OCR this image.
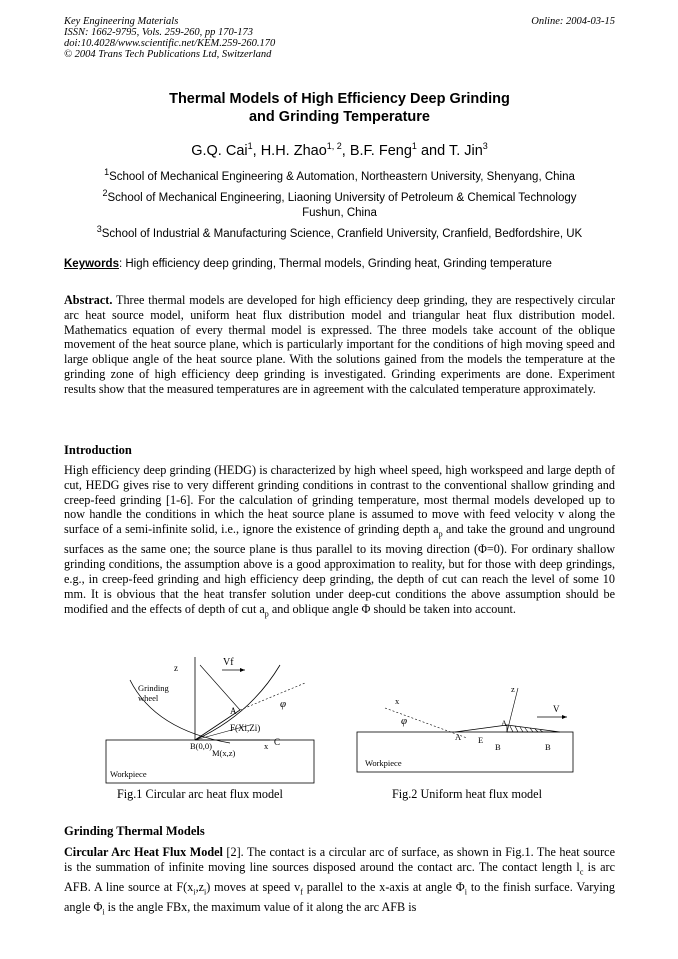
Key Engineering Materials
ISSN: 1662-9795, Vols. 259-260, pp 170-173
doi:10.4028/www.scientific.net/KEM.259-260.170
© 2004 Trans Tech Publications Ltd, Switzerland
Online: 2004-03-15
Thermal Models of High Efficiency Deep Grinding
and Grinding Temperature
G.Q. Cai$^1$, H.H. Zhao$^{1, 2}$, B.F. Feng$^1$ and T. Jin$^3$
$^1$School of Mechanical Engineering & Automation, Northeastern University, Shenyang, China
$^2$School of Mechanical Engineering, Liaoning University of Petroleum & Chemical Technology
Fushun, China
$^3$School of Industrial & Manufacturing Science, Cranfield University, Cranfield, Bedfordshire, UK
Keywords: High efficiency deep grinding, Thermal models, Grinding heat, Grinding temperature
Abstract. Three thermal models are developed for high efficiency deep grinding, they are respectively circular arc heat source model, uniform heat flux distribution model and triangular heat flux distribution model. Mathematics equation of every thermal model is expressed. The three models take account of the oblique movement of the heat source plane, which is particularly important for the conditions of high moving speed and large oblique angle of the heat source plane. With the solutions gained from the models the temperature at the grinding zone of high efficiency deep grinding is investigated. Grinding experiments are done. Experiment results show that the measured temperatures are in agreement with the calculated temperature approximately.
Introduction
High efficiency deep grinding (HEDG) is characterized by high wheel speed, high workspeed and large depth of cut, HEDG gives rise to very different grinding conditions in contrast to the conventional shallow grinding and creep-feed grinding [1-6]. For the calculation of grinding temperature, most thermal models developed up to now handle the conditions in which the heat source plane is assumed to move with feed velocity v along the surface of a semi-infinite solid, i.e., ignore the existence of grinding depth $a_p$ and take the ground and unground surfaces as the same one; the source plane is thus parallel to its moving direction (Φ=0). For ordinary shallow grinding conditions, the assumption above is a good approximation to reality, but for those with deep grindings, e.g., in creep-feed grinding and high efficiency deep grinding, the depth of cut can reach the level of some 10 mm. It is obvious that the heat transfer solution under deep-cut conditions the above assumption should be modified and the effects of depth of cut $a_p$ and oblique angle Φ should be taken into account.
z	Vf
Grinding
wheel
A
φ
F(Xi,Zi)
B(0,0)	x C
M(x,z)
Workpiece
Fig.1 Circular arc heat flux model
z
x
φ	A
A E
B	B
V
Workpiece
Fig.2 Uniform heat flux model
Grinding Thermal Models
Circular Arc Heat Flux Model [2]. The contact is a circular arc of surface, as shown in Fig.1. The heat source is the summation of infinite moving line sources disposed around the contact arc. The contact length $l_c$ is arc AFB. A line source at $F(x_i,z_i)$ moves at speed $v_f$ parallel to the x-axis at angle $\Phi_i$ to the finish surface. Varying angle $\Phi_i$ is the angle FBx, the maximum value of it along the arc AFB is
